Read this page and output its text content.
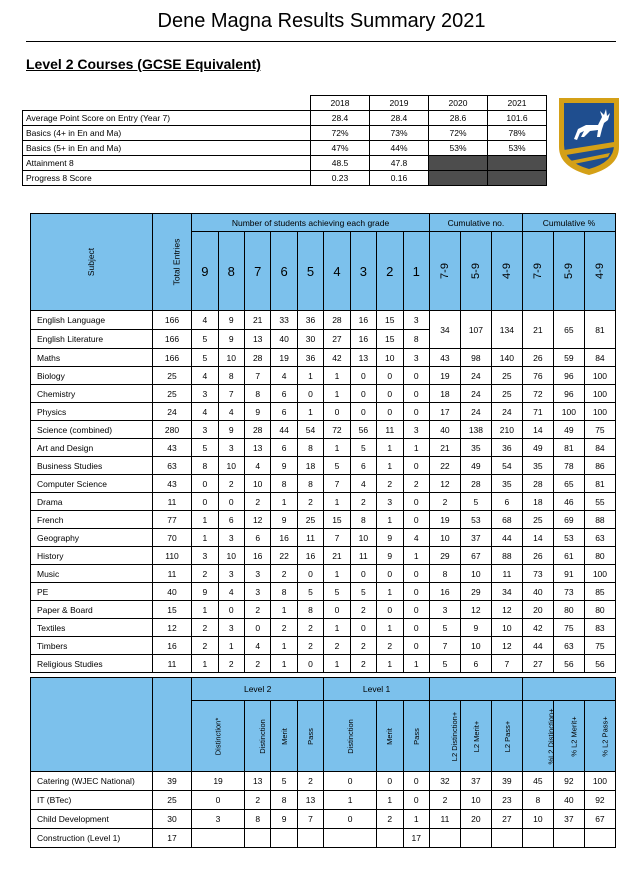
Dene Magna Results Summary 2021
Level 2 Courses (GCSE Equivalent)
	2018	2019	2020	2021
Average Point Score on Entry (Year 7)	28.4	28.4	28.6	101.6
Basics (4+ in En and Ma)	72%	73%	72%	78%
Basics (5+ in En and Ma)	47%	44%	53%	53%
Attainment 8	48.5	47.8		
Progress 8 Score	0.23	0.16		
Subject	Total Entries	Number of students achieving each grade									Cumulative no.			Cumulative %		
		9	8	7	6	5	4	3	2	1	7-9	5-9	4-9	7-9	5-9	4-9
English Language	166	4	9	21	33	36	28	16	15	3	34	107	134	21	65	81
English Literature	166	5	9	13	40	30	27	16	15	8						
Maths	166	5	10	28	19	36	42	13	10	3	43	98	140	26	59	84
Biology	25	4	8	7	4	1	1	0	0	0	19	24	25	76	96	100
Chemistry	25	3	7	8	6	0	1	0	0	0	18	24	25	72	96	100
Physics	24	4	4	9	6	1	0	0	0	0	17	24	24	71	100	100
Science (combined)	280	3	9	28	44	54	72	56	11	3	40	138	210	14	49	75
Art and Design	43	5	3	13	6	8	1	5	1	1	21	35	36	49	81	84
Business Studies	63	8	10	4	9	18	5	6	1	0	22	49	54	35	78	86
Computer Science	43	0	2	10	8	8	7	4	2	2	12	28	35	28	65	81
Drama	11	0	0	2	1	2	1	2	3	0	2	5	6	18	46	55
French	77	1	6	12	9	25	15	8	1	0	19	53	68	25	69	88
Geography	70	1	3	6	16	11	7	10	9	4	10	37	44	14	53	63
History	110	3	10	16	22	16	21	11	9	1	29	67	88	26	61	80
Music	11	2	3	3	2	0	1	0	0	0	8	10	11	73	91	100
PE	40	9	4	3	8	5	5	5	1	0	16	29	34	40	73	85
Paper & Board	15	1	0	2	1	8	0	2	0	0	3	12	12	20	80	80
Textiles	12	2	3	0	2	2	1	0	1	0	5	9	10	42	75	83
Timbers	16	2	1	4	1	2	2	2	2	0	7	10	12	44	63	75
Religious Studies	11	1	2	2	1	0	1	2	1	1	5	6	7	27	56	56

		Level 2					Level 1									
		Distinction*		Distinction	Merit	Pass	Distinction		Merit	Pass	L2 Distinction+	L2 Merit+	L2 Pass+	%L2 Distinction+	% L2 Merit+	% L2 Pass+
Catering (WJEC National)	39	19		13	5	2	0		0	0	32	37	39	45	92	100
IT (BTec)	25	0		2	8	13	1		1	0	2	10	23	8	40	92
Child Development	30	3		8	9	7	0		2	1	11	20	27	10	37	67
Construction (Level 1)	17									17						
